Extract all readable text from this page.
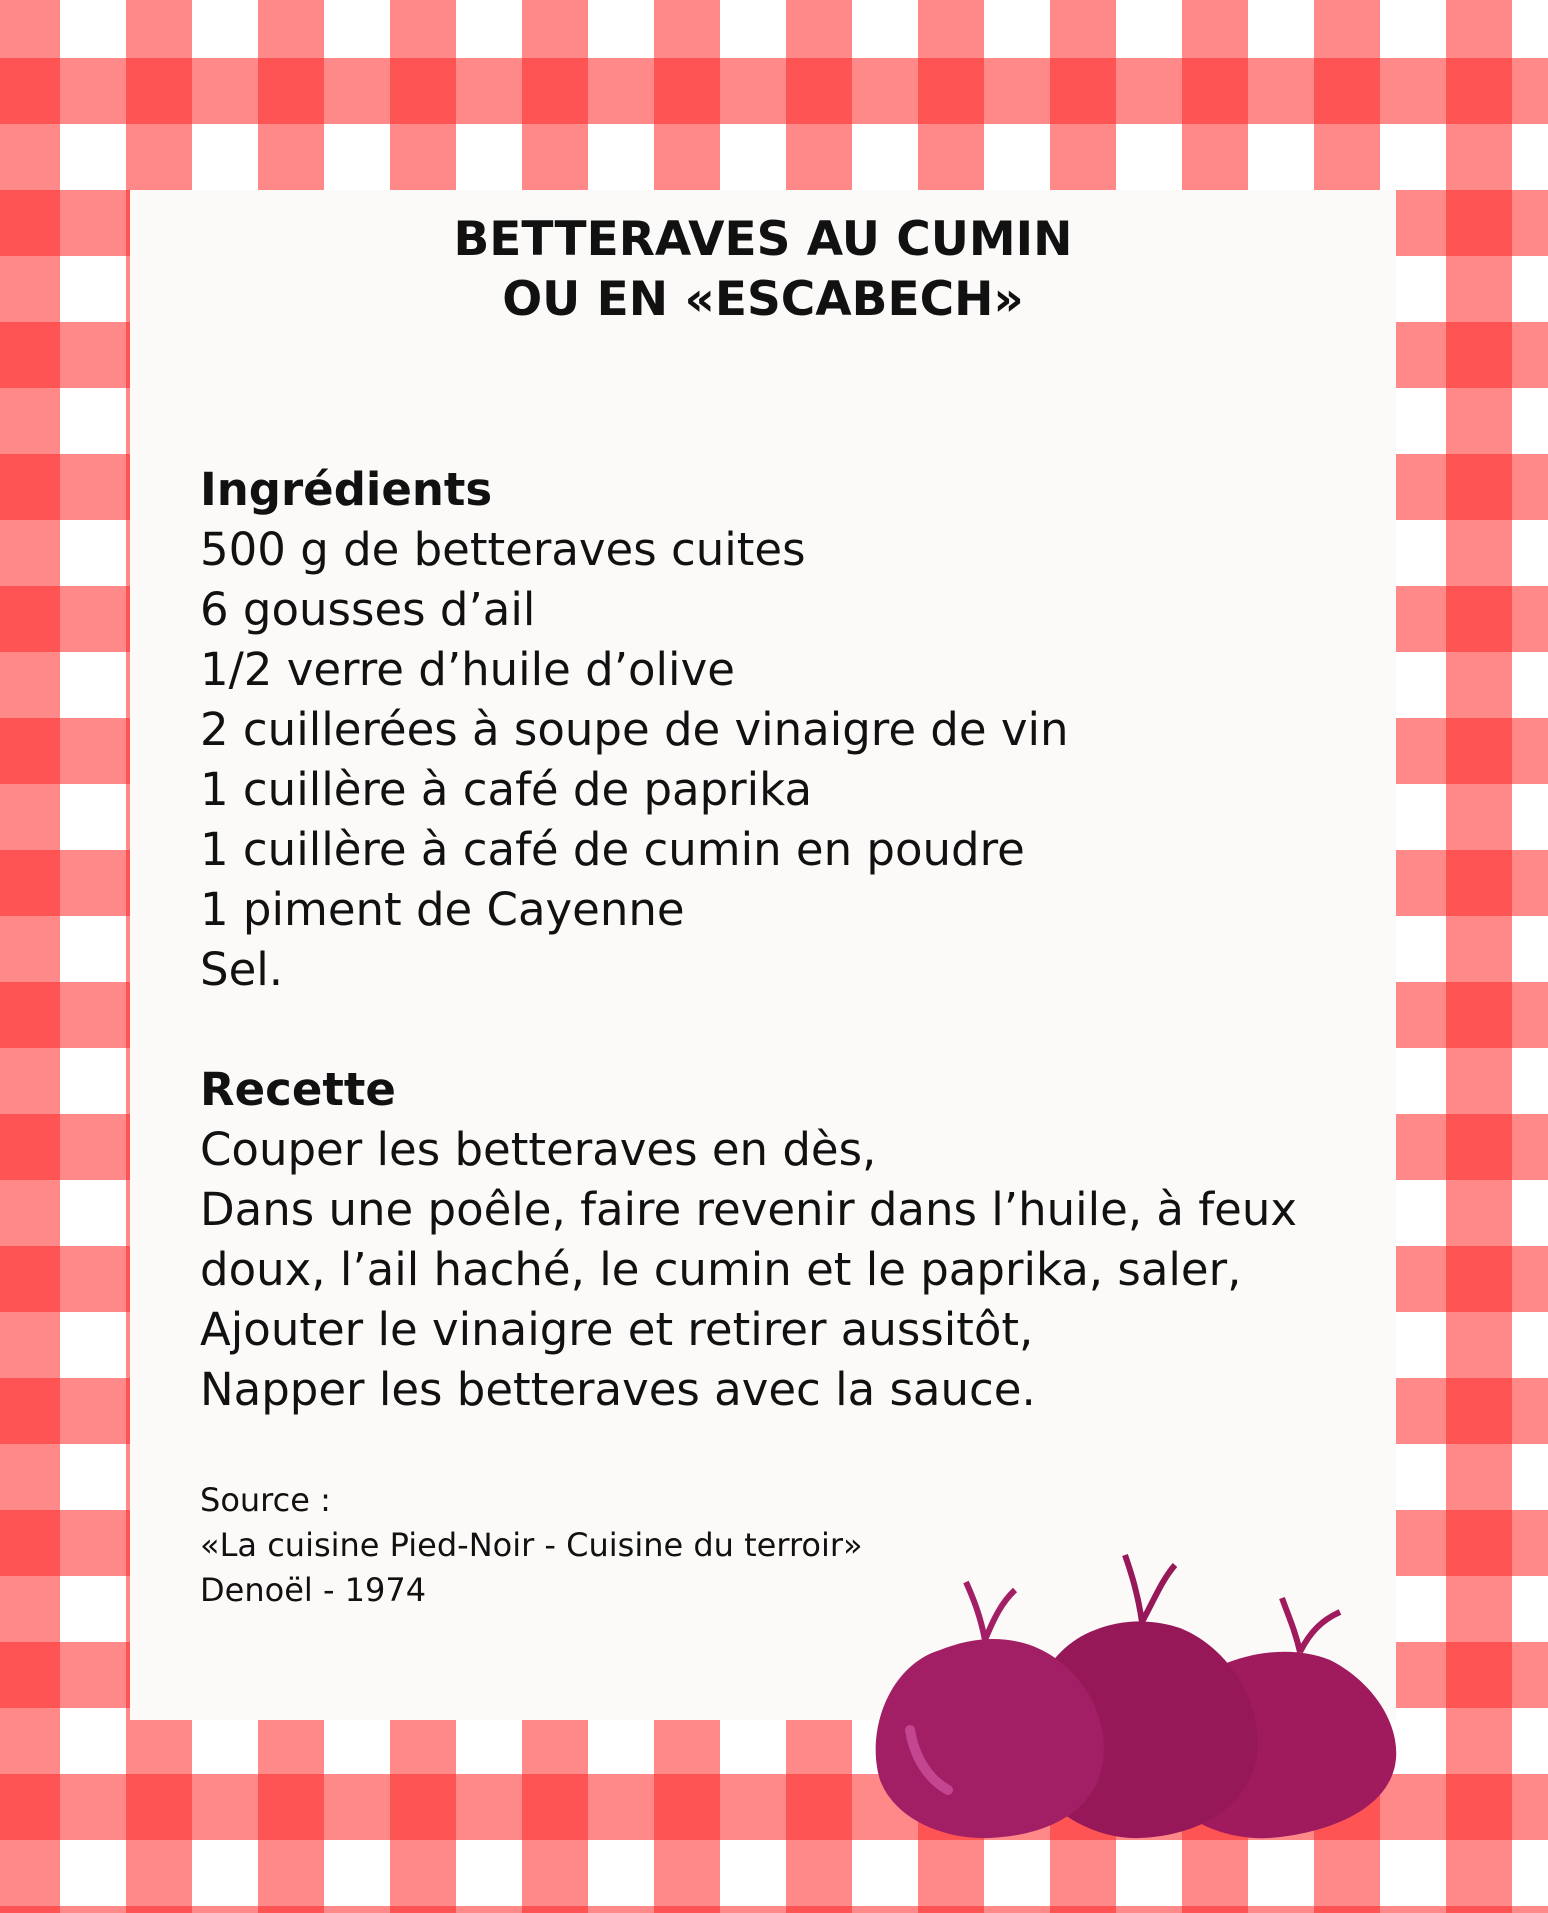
BETTERAVES AU CUMIN
OU EN «ESCABECH»

Ingrédients

500 g de betteraves cuites

6 gousses d’ail

1/2 verre d’huile d’olive

2 cuillerées à soupe de vinaigre de vin

1 cuillère à café de paprika

1 cuillère à café de cumin en poudre

1 piment de Cayenne

Sel.

Recette

Couper les betteraves en dès,

Dans une poêle, faire revenir dans l’huile, à feux

doux, l’ail haché, le cumin et le paprika, saler,

Ajouter le vinaigre et retirer aussitôt,

Napper les betteraves avec la sauce.

Source :
«La cuisine Pied-Noir - Cuisine du terroir»
Denoël - 1974
